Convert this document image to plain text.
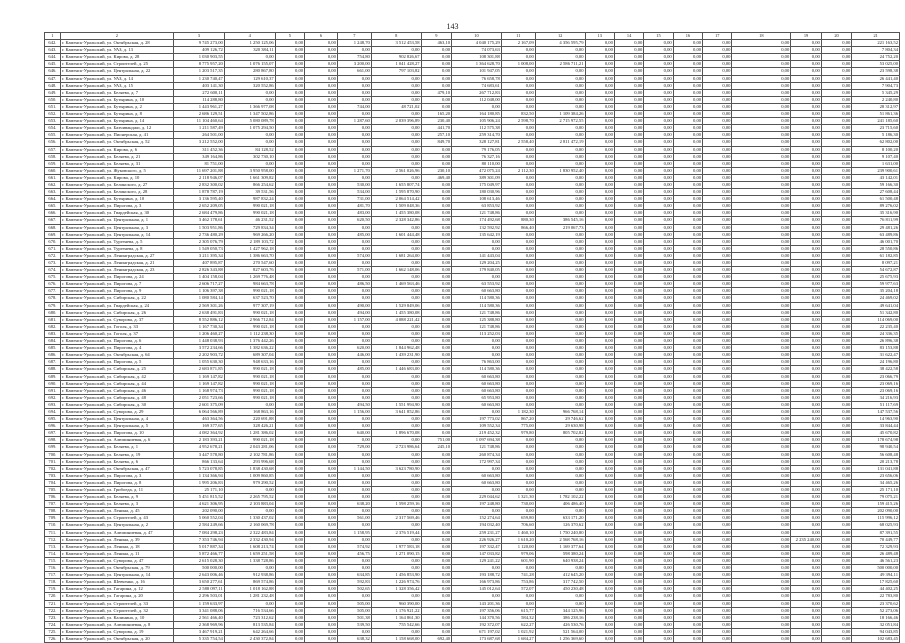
143
1	2	3	4	5	6	7	8	9	10	11	12	13	14	15	16	17	18	19	20	21
642.	г. Каменск-Уральский, ул. Октябрьская, д. 28	9 745 273,00	1 250 125,06	0,00	0,00	1 248,70	3 512 453,58	463,10	4 040 175,29	2 167,09	4 356 595,79	0,00	0,00	0,00	0,00	0,00	0,00	0,00	0,00	221 163,52
643.	г. Каменск-Уральский, ул. УАЗ, д. 13	409 126,72	320 384,11	0,00	0,00	0,00	0,00	0,00	74 073,63	0,00	0,00	0,00	0,00	0,00	0,00	0,00	0,00	0,00	0,00	7 804,34
644.	г. Каменск-Уральский, ул. Кирова, д. 28	1 030 903,55	0,00	0,00	0,00	754,80	902 826,67	0,00	108 301,88	0,00	0,00	0,00	0,00	0,00	0,00	0,00	0,00	0,00	0,00	24 752,20
645.	г. Каменск-Уральский, ул. Строителей, д. 25	8 775 957,20	1 076 155,07	0,00	0,00	3 200,00	1 041 428,27	0,00	1 364 628,70	1 008,00	2 586 711,21	0,00	0,00	0,00	0,00	0,00	0,00	0,00	0,00	53 025,00
646.	г. Каменск-Уральский, ул. Центральная, д. 22	1 203 517,35	280 867,80	0,00	0,00	661,00	797 103,82	0,00	101 947,05	0,00	0,00	0,00	0,00	0,00	0,00	0,00	0,00	0,00	0,00	23 598,38
647.	г. Каменск-Уральский, ул. УАЗ, д. 14	1 230 740,47	129 610,37	0,00	0,00	0,00	0,00	0,00	76 658,78	0,00	0,00	0,00	0,00	0,00	0,00	0,00	0,00	0,00	0,00	26 441,40
648.	г. Каменск-Уральский, ул. УАЗ, д. 15	403 141,30	320 552,86	0,00	0,00	0,00	0,00	0,00	74 683,61	0,00	0,00	0,00	0,00	0,00	0,00	0,00	0,00	0,00	0,00	7 904,73
649.	г. Каменск-Уральский, ул. Беляева, д. 7	272 600,11	0,00	0,00	0,00	0,00	0,00	479,10	267 712,83	0,00	0,00	0,00	0,00	0,00	0,00	0,00	0,00	0,00	0,00	5 345,29
650.	г. Каменск-Уральский, ул. Бутырина, д. 10	114 288,80	0,00	0,00	0,00	0,00	0,00	0,00	112 048,00	0,00	0,00	0,00	0,00	0,00	0,00	0,00	0,00	0,00	0,00	2 240,80
651.	г. Каменск-Уральский, ул. Бутырина, д. 2	1 443 961,27	1 366 977,08	0,00	0,00	744,00	48 721,02	0,00	0,00	0,00	0,00	0,00	0,00	0,00	0,00	0,00	0,00	0,00	0,00	28 312,97
652.	г. Каменск-Уральский, ул. Бутырина, д. 8	2 686 129,51	1 347 502,86	0,00	0,00	0,00	0,00	165,20	164 180,85	832,50	1 109 384,26	0,00	0,00	0,00	0,00	0,00	0,00	0,00	0,00	51 861,36
653.	г. Каменск-Уральский, ул. Бутырина, д. 14	11 104 460,64	5 080 089,78	0,00	0,00	1 287,60	2 039 396,89	230,40	105 906,24	2 598,70	2 715 972,55	0,00	0,00	0,00	0,00	0,00	0,00	0,00	0,00	241 185,60
654.	г. Каменск-Уральский, ул. Бахчиванджи, д. 12	1 211 587,49	1 075 294,50	0,00	0,00	0,00	0,00	441,70	112 575,38	0,00	0,00	0,00	0,00	0,00	0,00	0,00	0,00	0,00	0,00	23 715,60
655.	г. Каменск-Уральский, ул. Пионерская, д. 41	264 501,00	0,00	0,00	0,00	0,00	0,00	257,10	259 314,70	0,00	0,00	0,00	0,00	0,00	0,00	0,00	0,00	0,00	0,00	5 186,30
656.	г. Каменск-Уральский, ул. Октябрьская, д. 52	3 212 552,00	0,00	0,00	0,00	0,00	0,00	849,70	328 127,81	2 558,40	2 811 472,19	0,00	0,00	0,00	0,00	0,00	0,00	0,00	0,00	62 802,00
657.	г. Каменск-Уральский, ул. Кирова, д. 6	311 452,36	84 128,52	0,00	0,00	0,00	0,00	0,00	79 176,05	0,00	0,00	0,00	0,00	0,00	0,00	0,00	0,00	0,00	0,00	8 100,20
658.	г. Каменск-Уральский, ул. Беляева, д. 21	349 164,86	302 730,10	0,00	0,00	0,00	0,00	0,00	76 327,16	0,00	0,00	0,00	0,00	0,00	0,00	0,00	0,00	0,00	0,00	9 107,40
659.	г. Каменск-Уральский, ул. Беляева, д. 31	81 751,00	0,00	0,00	0,00	0,00	0,00	0,00	80 110,00	0,00	0,00	0,00	0,00	0,00	0,00	0,00	0,00	0,00	0,00	1 631,00
660.	г. Каменск-Уральский, ул. Жуковского, д. 5	11 697 201,88	3 950 958,00	0,00	0,00	1 271,70	2 561 026,96	230,10	472 075,24	2 112,30	1 830 952,40	0,00	0,00	0,00	0,00	0,00	0,00	0,00	0,00	239 900,61
661.	г. Каменск-Уральский, ул. Кирова, д. 10	2 118 946,07	1 661 309,82	0,00	0,00	0,00	0,00	469,40	389 301,09	0,00	0,00	0,00	0,00	0,00	0,00	0,00	0,00	0,00	0,00	43 142,01
662.	г. Каменск-Уральский, ул. Белинского, д. 27	2 832 300,02	866 254,62	0,00	0,00	530,00	1 655 807,74	0,00	175 049,97	0,00	0,00	0,00	0,00	0,00	0,00	0,00	0,00	0,00	0,00	59 166,30
663.	г. Каменск-Уральский, ул. Белинского, д. 28	1 878 787,19	39 531,56	0,00	0,00	534,00	1 595 870,90	0,00	180 030,96	0,00	0,00	0,00	0,00	0,00	0,00	0,00	0,00	0,00	0,00	27 608,44
664.	г. Каменск-Уральский, ул. Бутырина, д. 10	3 136 595,40	987 832,24	0,00	0,00	731,00	2 064 514,42	0,00	108 613,46	0,00	0,00	0,00	0,00	0,00	0,00	0,00	0,00	0,00	0,00	61 500,48
665.	г. Каменск-Уральский, ул. Пирогова, д. 3	2 652 209,05	990 021,18	0,00	0,00	481,70	1 509 048,36	0,00	63 853,92	0,00	0,00	0,00	0,00	0,00	0,00	0,00	0,00	0,00	0,00	89 276,02
666.	г. Каменск-Уральский, ул. Гвардейская, д. 30	2 684 479,86	990 021,18	0,00	0,00	483,00	1 455 380,08	0,00	121 748,86	0,00	0,00	0,00	0,00	0,00	0,00	0,00	0,00	0,00	0,00	35 316,90
667.	г. Каменск-Уральский, ул. Центральная, д. 1	3 462 178,61	46 231,52	0,00	0,00	620,50	2 328 342,86	0,00	174 492,68	880,30	386 545,16	0,00	0,00	0,00	0,00	0,00	0,00	0,00	0,00	76 811,99
668.	г. Каменск-Уральский, ул. Центральная, д. 3	1 503 951,86	729 834,34	0,00	0,00	0,00	0,00	0,00	132 592,92	866,40	219 067,73	0,00	0,00	0,00	0,00	0,00	0,00	0,00	0,00	29 481,26
669.	г. Каменск-Уральский, ул. Центральная, д. 14	2 736 480,29	969 266,20	0,00	0,00	485,00	1 601 444,48	0,00	135 642,19	0,00	0,00	0,00	0,00	0,00	0,00	0,00	0,00	0,00	0,00	63 489,86
670.	г. Каменск-Уральский, ул. Тургенева, д. 5	2 305 076,79	2 189 103,72	0,00	0,00	0,00	0,00	0,00	0,00	0,00	0,00	0,00	0,00	0,00	0,00	0,00	0,00	0,00	0,00	46 001,70
671.	г. Каменск-Уральский, ул. Тургенева, д. 8	1 549 050,73	1 427 962,18	0,00	0,00	0,00	0,00	0,00	0,00	0,00	0,00	0,00	0,00	0,00	0,00	0,00	0,00	0,00	0,00	28 550,86
672.	г. Каменск-Уральский, ул. Ленинградская, д. 27	3 211 395,34	1 386 663,70	0,00	0,00	574,00	1 681 264,00	0,00	141 443,04	0,00	0,00	0,00	0,00	0,00	0,00	0,00	0,00	0,00	0,00	61 182,85
673.	г. Каменск-Уральский, ул. Ленинградская, д. 21	407 895,87	270 547,60	0,00	0,00	0,00	0,00	0,00	129 204,25	0,00	0,00	0,00	0,00	0,00	0,00	0,00	0,00	0,00	0,00	8 097,21
674.	г. Каменск-Уральский, ул. Ленинградская, д. 23	2 826 343,88	827 603,76	0,00	0,00	571,00	1 662 148,06	0,00	179 840,05	0,00	0,00	0,00	0,00	0,00	0,00	0,00	0,00	0,00	0,00	54 672,87
675.	г. Каменск-Уральский, ул. Пирогова, д. 24	1 404 158,04	1 269 776,48	0,00	0,00	0,00	0,00	0,00	0,00	0,00	0,00	0,00	0,00	0,00	0,00	0,00	0,00	0,00	0,00	25 675,93
676.	г. Каменск-Уральский, ул. Пирогова, д. 7	2 606 717,27	984 663,78	0,00	0,00	486,50	1 469 563,46	0,00	63 553,92	0,00	0,00	0,00	0,00	0,00	0,00	0,00	0,00	0,00	0,00	59 977,63
677.	г. Каменск-Уральский, ул. Пирогова, д. 9	1 106 397,38	990 021,18	0,00	0,00	0,00	0,00	0,00	60 663,80	0,00	0,00	0,00	0,00	0,00	0,00	0,00	0,00	0,00	0,00	35 204,18
678.	г. Каменск-Уральский, ул. Сибирская, д. 22	1 080 584,14	637 523,70	0,00	0,00	0,00	0,00	0,00	114 580,36	0,00	0,00	0,00	0,00	0,00	0,00	0,00	0,00	0,00	0,00	24 469,02
679.	г. Каменск-Уральский, ул. Гвардейская, д. 24	2 569 301,26	977 307,19	0,00	0,00	490,00	1 529 849,06	0,00	114 580,36	0,00	0,00	0,00	0,00	0,00	0,00	0,00	0,00	0,00	0,00	49 641,04
680.	г. Каменск-Уральский, ул. Сибирская, д. 26	2 638 491,83	990 021,18	0,00	0,00	494,00	1 455 380,08	0,00	121 748,86	0,00	0,00	0,00	0,00	0,00	0,00	0,00	0,00	0,00	0,00	51 342,80
681.	г. Каменск-Уральский, ул. Суворова, д. 37	8 552 886,12	2 966 712,84	0,00	0,00	1 157,00	4 088 221,42	0,00	125 388,80	0,00	0,00	0,00	0,00	0,00	0,00	0,00	0,00	0,00	0,00	114 069,00
682.	г. Каменск-Уральский, ул. Гоголя, д. 33	1 167 730,34	990 021,18	0,00	0,00	0,00	0,00	0,00	121 748,86	0,00	0,00	0,00	0,00	0,00	0,00	0,00	0,00	0,00	0,00	22 235,40
683.	г. Каменск-Уральский, ул. Гоголя, д. 37	1 206 460,27	1 112 238,30	0,00	0,00	0,00	0,00	0,00	113 252,03	0,00	0,00	0,00	0,00	0,00	0,00	0,00	0,00	0,00	0,00	24 336,35
684.	г. Каменск-Уральский, ул. Пирогова, д. 6	1 448 038,93	1 376 442,26	0,00	0,00	0,00	0,00	0,00	0,00	0,00	0,00	0,00	0,00	0,00	0,00	0,00	0,00	0,00	0,00	26 896,38
685.	г. Каменск-Уральский, ул. Пирогова, д. 4	3 572 234,66	1 382 636,22	0,00	0,00	620,00	1 844 962,48	0,00	0,00	0,00	0,00	0,00	0,00	0,00	0,00	0,00	0,00	0,00	0,00	83 153,88
686.	г. Каменск-Уральский, ул. Октябрьская, д. 64	2 202 903,72	689 307,04	0,00	0,00	446,00	1 439 231,90	0,00	0,00	0,00	0,00	0,00	0,00	0,00	0,00	0,00	0,00	0,00	0,00	31 622,47
687.	г. Каменск-Уральский, ул. Пирогова, д. 5	1 055 630,30	948 633,16	0,00	0,00	0,00	0,00	0,00	76 863,00	0,00	0,00	0,00	0,00	0,00	0,00	0,00	0,00	0,00	0,00	24 196,80
688.	г. Каменск-Уральский, ул. Сибирская, д. 25	2 683 871,85	990 021,18	0,00	0,00	485,00	1 446 683,00	0,00	114 580,36	0,00	0,00	0,00	0,00	0,00	0,00	0,00	0,00	0,00	0,00	38 422,58
689.	г. Каменск-Уральский, ул. Сибирская, д. 42	1 169 147,82	990 021,18	0,00	0,00	0,00	0,00	0,00	60 663,80	0,00	0,00	0,00	0,00	0,00	0,00	0,00	0,00	0,00	0,00	23 066,79
690.	г. Каменск-Уральский, ул. Сибирская, д. 44	1 169 147,82	990 021,18	0,00	0,00	0,00	0,00	0,00	60 663,80	0,00	0,00	0,00	0,00	0,00	0,00	0,00	0,00	0,00	0,00	23 069,16
691.	г. Каменск-Уральский, ул. Сибирская, д. 46	1 168 974,73	990 021,18	0,00	0,00	0,00	0,00	0,00	60 663,80	0,00	0,00	0,00	0,00	0,00	0,00	0,00	0,00	0,00	0,00	23 069,16
692.	г. Каменск-Уральский, ул. Сибирская, д. 48	2 051 723,66	990 021,18	0,00	0,00	0,00	0,00	0,00	65 953,80	0,00	0,00	0,00	0,00	0,00	0,00	0,00	0,00	0,00	0,00	34 216,93
693.	г. Каменск-Уральский, ул. Сибирская, д. 30	2 601 375,09	0,00	0,00	0,00	494,50	1 551 994,90	0,00	60 663,80	0,00	0,00	0,00	0,00	0,00	0,00	0,00	0,00	0,00	0,00	51 117,69
694.	г. Каменск-Уральский, ул. Суворова, д. 29	6 064 566,89	168 863,16	0,00	0,00	1 156,00	3 641 852,86	0,00	0,00	1 182,30	966 768,14	0,00	0,00	0,00	0,00	0,00	0,00	0,00	0,00	147 537,56
695.	г. Каменск-Уральский, ул. Центральная, д. 4	463 364,56	220 691,88	0,00	0,00	0,00	0,00	0,00	197 773,02	867,20	29 746,62	0,00	0,00	0,00	0,00	0,00	0,00	0,00	0,00	14 963,90
696.	г. Каменск-Уральский, ул. Центральная, д. 5	169 377,65	328 426,21	0,00	0,00	0,00	0,00	0,00	109 552,34	775,00	29 630,98	0,00	0,00	0,00	0,00	0,00	0,00	0,00	0,00	33 844,44
697.	г. Каменск-Уральский, ул. Пирогова, д. 10	4 082 364,92	1 281 386,02	0,00	0,00	640,00	1 896 670,08	0,00	219 452,32	979,80	805 702,82	0,00	0,00	0,00	0,00	0,00	0,00	0,00	0,00	45 670,82
698.	г. Каменск-Уральский, ул. Алюминиевая, д. 6	2 183 393,21	990 021,18	0,00	0,00	0,00	0,00	751,00	1 097 694,38	0,00	0,00	0,00	0,00	0,00	0,00	0,00	0,00	0,00	0,00	178 674,98
699.	г. Каменск-Уральский, ул. Беляева, д. 1	4 952 678,21	2 043 281,06	0,00	0,00	729,00	2 723 986,64	245,10	121 748,86	0,00	0,00	0,00	0,00	0,00	0,00	0,00	0,00	0,00	0,00	98 940,54
700.	г. Каменск-Уральский, ул. Беляева, д. 19	3 447 578,80	2 102 781,86	0,00	0,00	0,00	0,00	0,00	260 874,34	0,00	0,00	0,00	0,00	0,00	0,00	0,00	0,00	0,00	0,00	56 608,48
701.	г. Каменск-Уральский, ул. Беляева, д. 6	866 133,64	293 996,68	0,00	0,00	0,00	0,00	0,00	172 997,34	0,00	0,00	0,00	0,00	0,00	0,00	0,00	0,00	0,00	0,00	20 213,78
702.	г. Каменск-Уральский, ул. Октябрьская, д. 47	5 723 078,85	1 838 430,68	0,00	0,00	1 144,50	3 623 780,90	0,00	0,00	0,00	0,00	0,00	0,00	0,00	0,00	0,00	0,00	0,00	0,00	131 041,88
703.	г. Каменск-Уральский, ул. Пирогова, д. 3	1 134 366,94	1 009 860,85	0,00	0,00	0,00	0,00	0,00	60 663,80	0,00	0,00	0,00	0,00	0,00	0,00	0,00	0,00	0,00	0,00	23 656,06
704.	г. Каменск-Уральский, ул. Пирогова, д. 8	1 995 206,83	979 290,52	0,00	0,00	0,00	0,00	0,00	60 663,80	0,00	0,00	0,00	0,00	0,00	0,00	0,00	0,00	0,00	0,00	34 465,26
705.	г. Каменск-Уральский, ул. Грибоеда, д. 11	25 171,10	0,00	0,00	0,00	0,00	0,00	0,00	0,00	0,00	0,00	0,00	0,00	0,00	0,00	0,00	0,00	0,00	0,00	25 171,10
706.	г. Каменск-Уральский, ул. Беляева, д. 9	5 451 815,52	2 265 795,52	0,00	0,00	0,00	0,00	0,00	229 044,62	1 321,30	1 782 102,22	0,00	0,00	0,00	0,00	0,00	0,00	0,00	0,00	79 075,21
707.	г. Каменск-Уральский, ул. Беляева, д. 3	4 621 306,95	2 103 883,04	0,00	0,00	638,20	1 598 259,16	0,00	197 248,80	730,00	406 486,40	0,00	0,00	0,00	0,00	0,00	0,00	0,00	0,00	159 415,26
708.	г. Каменск-Уральский, ул. Ленина, д. 45	202 090,00	0,00	0,00	0,00	0,00	0,00	0,00	0,00	0,00	0,00	0,00	0,00	0,00	0,00	0,00	0,00	0,00	0,00	202 090,00
709.	г. Каменск-Уральский, ул. Строителей, д. 43	5 060 552,04	1 330 437,02	0,00	0,00	561,00	2 317 569,46	0,00	152 274,64	659,80	633 171,20	0,00	0,00	0,00	0,00	0,00	0,00	0,00	0,00	115 996,12
710.	г. Каменск-Уральский, ул. Центральная, д. 2	2 584 249,66	2 160 069,78	0,00	0,00	0,00	0,00	0,00	194 032,40	706,60	126 370,62	0,00	0,00	0,00	0,00	0,00	0,00	0,00	0,00	68 025,93
711.	г. Каменск-Уральский, ул. Алюминиевая, д. 47	7 084 298,23	2 322 483,84	0,00	0,00	1 158,95	2 376 519,44	0,00	259 231,27	1 460,10	1 750 240,80	0,00	0,00	0,00	0,00	0,00	0,00	0,00	0,00	87 391,55
712.	г. Каменск-Уральский, ул. Ленина, д. 39	7 353 746,94	2 332 430,94	0,00	0,00	0,00	0,00	0,00	226 926,27	1 610,20	2 568 768,16	0,00	0,00	0,00	0,00	0,00	0,00	2 235 240,00	0,00	70 449,77
713.	г. Каменск-Уральский, ул. Ленина, д. 18	5 017 887,34	1 608 213,74	0,00	0,00	574,92	1 977 583,18	0,00	197 332,47	1 120,00	1 169 377,64	0,00	0,00	0,00	0,00	0,00	0,00	0,00	0,00	72 329,93
714.	г. Каменск-Уральский, ул. Ленина, д. 11	5 872 466,77	1 659 251,58	0,00	0,00	456,75	1 271 090,15	0,00	147 033,82	979,06	598 380,24	0,00	0,00	0,00	0,00	0,00	0,00	0,00	0,00	26 489,48
715.	г. Каменск-Уральский, ул. Суворова, д. 47	2 615 028,30	1 338 728,86	0,00	0,00	0,00	0,00	0,00	129 241,22	601,90	640 938,24	0,00	0,00	0,00	0,00	0,00	0,00	0,00	0,00	46 561,23
716.	г. Каменск-Уральский, ул. Октябрьская, д. 79	500 000,00	0,00	0,00	0,00	0,00	0,00	0,00	0,00	0,00	0,00	0,00	0,00	0,00	0,00	0,00	0,00	0,00	0,00	500 000,00
717.	г. Каменск-Уральский, ул. Центральная, д. 14	2 643 006,46	912 938,86	0,00	0,00	634,85	1 456 853,90	0,00	193 188,72	741,28	412 645,20	0,00	0,00	0,00	0,00	0,00	0,00	0,00	0,00	49 394,11
718.	г. Каменск-Уральский, ул. Шевченко, д. 16	3 650 277,61	869 574,86	0,00	0,00	592,83	1 226 974,76	0,00	166 973,86	753,86	317 742,50	0,00	0,00	0,00	0,00	0,00	0,00	0,00	0,00	17 825,60
719.	г. Каменск-Уральский, ул. Гагарина, д. 12	2 588 097,11	1 018 162,88	0,00	0,00	502,65	1 328 356,42	0,00	145 012,64	572,07	450 230,48	0,00	0,00	0,00	0,00	0,00	0,00	0,00	0,00	44 402,25
720.	г. Каменск-Уральский, ул. Гагарина, д. 20	2 296 503,01	1 281 232,48	0,00	0,00	0,00	0,00	0,00	0,00	0,00	0,00	0,00	0,00	0,00	0,00	0,00	0,00	0,00	0,00	22 783,80
721.	г. Каменск-Уральский, ул. Строителей, д. 33	1 159 633,97	0,00	0,00	0,00	505,00	960 390,00	0,00	143 201,36	0,00	0,00	0,00	0,00	0,00	0,00	0,00	0,00	0,00	0,00	23 370,62
722.	г. Каменск-Уральский, ул. Строителей, д. 32	3 341 088,06	716 534,66	0,00	0,00	505,00	1 176 921,22	0,00	197 356,06	615,77	344 125,96	0,00	0,00	0,00	0,00	0,00	0,00	0,00	0,00	52 273,06
723.	г. Каменск-Уральский, ул. Калинина, д. 10	2 561 466,40	723 312,62	0,00	0,00	501,38	1 164 861,30	0,00	144 370,56	584,32	386 238,16	0,00	0,00	0,00	0,00	0,00	0,00	0,00	0,00	18 166,46
724.	г. Каменск-Уральский, ул. Алюминиевая, д. 8	2 368 969,96	813 535,84	0,00	0,00	539,50	755 542,66	0,00	192 372,07	622,27	426 530,76	0,00	0,00	0,00	0,00	0,00	0,00	0,00	0,00	32 051,84
725.	г. Каменск-Уральский, ул. Суворова, д. 19	3 467 919,21	642 264,66	0,00	0,00	0,00	0,00	0,00	671 197,02	1 021,92	521 564,00	0,00	0,00	0,00	0,00	0,00	0,00	0,00	0,00	94 043,85
726.	г. Каменск-Уральский, ул. Октябрьская, д. 20	5 335 754,54	2 430 372,84	0,00	0,00	638,32	1 158 668,00	692,40	173 687,68	1 684,27	1 256 369,60	0,00	0,00	0,00	0,00	0,00	0,00	0,00	0,00	102 683,45
